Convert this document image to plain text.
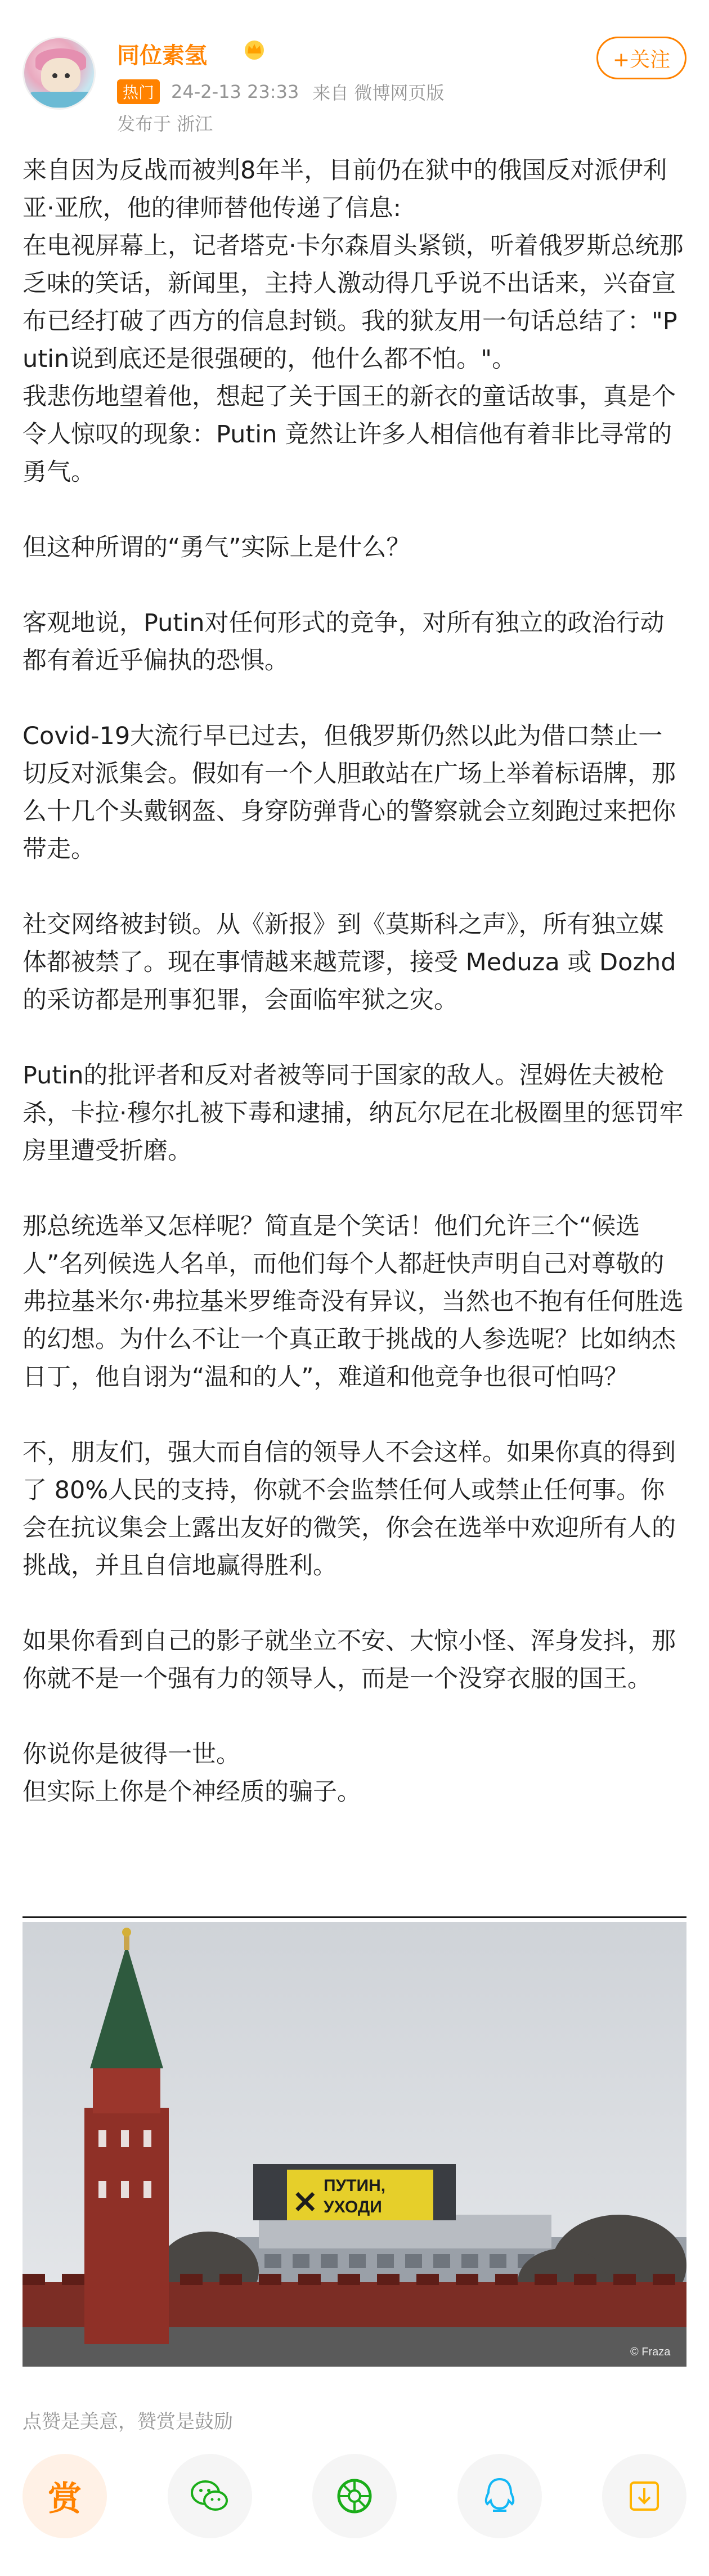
同位素氢
热门 24-2-13 23:33 来自 微博网页版
发布于 浙江
+关注

来自因为反战而被判8年半，目前仍在狱中的俄国反对派伊利亚·亚欣，他的律师替他传递了信息:

在电视屏幕上，记者塔克·卡尔森眉头紧锁，听着俄罗斯总统那乏味的笑话，新闻里，主持人激动得几乎说不出话来，兴奋宣布已经打破了西方的信息封锁。我的狱友用一句话总结了："Putin说到底还是很强硬的，他什么都不怕。"。

我悲伤地望着他，想起了关于国王的新衣的童话故事，真是个令人惊叹的现象：Putin 竟然让许多人相信他有着非比寻常的勇气。

但这种所谓的“勇气”实际上是什么？

客观地说，Putin对任何形式的竞争，对所有独立的政治行动都有着近乎偏执的恐惧。

Covid-19大流行早已过去，但俄罗斯仍然以此为借口禁止一切反对派集会。假如有一个人胆敢站在广场上举着标语牌，那么十几个头戴钢盔、身穿防弹背心的警察就会立刻跑过来把你带走。

社交网络被封锁。从《新报》到《莫斯科之声》，所有独立媒体都被禁了。现在事情越来越荒谬，接受 Meduza 或 Dozhd 的采访都是刑事犯罪，会面临牢狱之灾。

Putin的批评者和反对者被等同于国家的敌人。涅姆佐夫被枪杀，卡拉·穆尔扎被下毒和逮捕，纳瓦尔尼在北极圈里的惩罚牢房里遭受折磨。

那总统选举又怎样呢？简直是个笑话！他们允许三个“候选人”名列候选人名单，而他们每个人都赶快声明自己对尊敬的弗拉基米尔·弗拉基米罗维奇没有异议，当然也不抱有任何胜选的幻想。为什么不让一个真正敢于挑战的人参选呢？比如纳杰日丁，他自诩为“温和的人”，难道和他竞争也很可怕吗？

不，朋友们，强大而自信的领导人不会这样。如果你真的得到了 80%人民的支持，你就不会监禁任何人或禁止任何事。你会在抗议集会上露出友好的微笑，你会在选举中欢迎所有人的挑战，并且自信地赢得胜利。

如果你看到自己的影子就坐立不安、大惊小怪、浑身发抖，那你就不是一个强有力的领导人，而是一个没穿衣服的国王。

你说你是彼得一世。

但实际上你是个神经质的骗子。

ПУТИН,
УХОДИ
×
© Fraza
点赞是美意，赞赏是鼓励
赏
